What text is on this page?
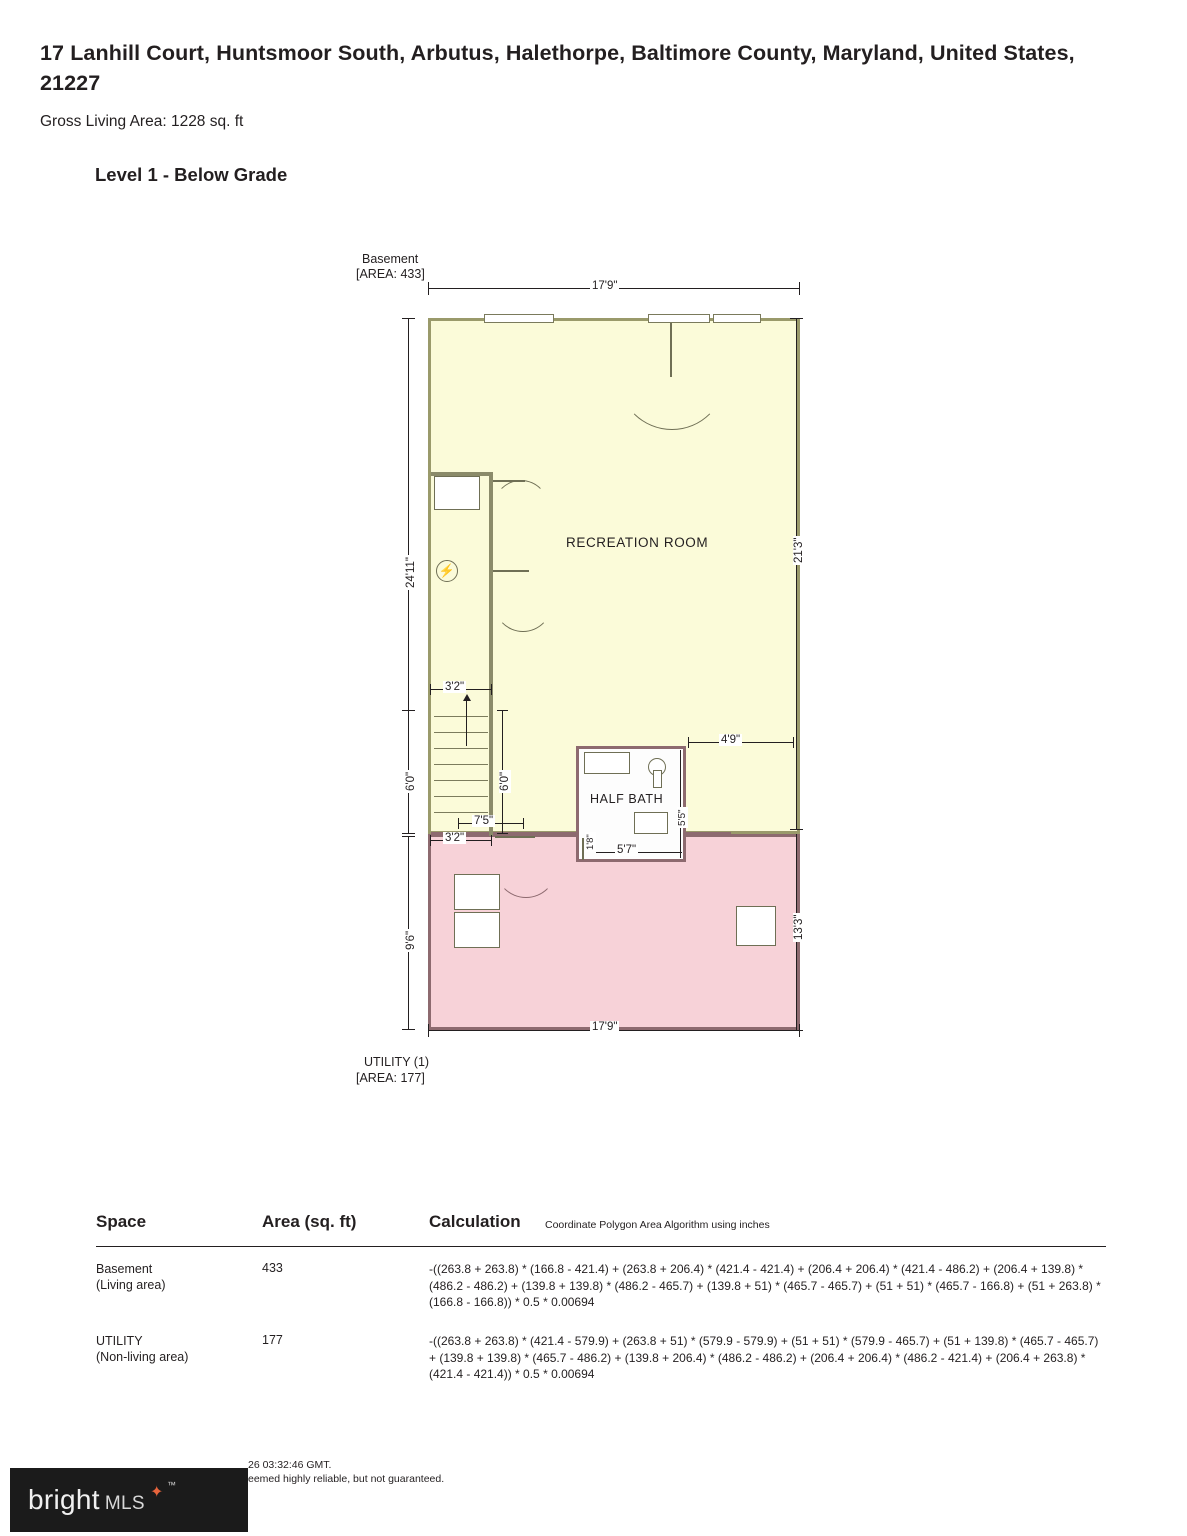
17 Lanhill Court, Huntsmoor South, Arbutus, Halethorpe, Baltimore County, Maryland, United States, 21227
Gross Living Area: 1228 sq. ft
Level 1 - Below Grade
Basement
[AREA: 433]
⚡
RECREATION ROOM
HALF BATH
17'9"
17'9"
24'11"
6'0"
9'6"
21'3"
13'3"
3'2"
3'2"
6'0"
7'5"
4'9"
5'5"
5'7"
1'8"
UTILITY (1)
[AREA: 177]
Space	Area (sq. ft)	Calculation Coordinate Polygon Area Algorithm using inches
Basement
(Living area)
433	-((263.8 + 263.8) * (166.8 - 421.4) + (263.8 + 206.4) * (421.4 - 421.4) + (206.4 + 206.4) * (421.4 - 486.2) + (206.4 + 139.8) * (486.2 - 486.2) + (139.8 + 139.8) * (486.2 - 465.7) + (139.8 + 51) * (465.7 - 465.7) + (51 + 51) * (465.7 - 166.8) + (51 + 263.8) * (166.8 - 166.8)) * 0.5 * 0.00694
UTILITY
(Non-living area)
177	-((263.8 + 263.8) * (421.4 - 579.9) + (263.8 + 51) * (579.9 - 579.9) + (51 + 51) * (579.9 - 465.7) + (51 + 139.8) * (465.7 - 465.7) + (139.8 + 139.8) * (465.7 - 486.2) + (139.8 + 206.4) * (486.2 - 486.2) + (206.4 + 206.4) * (486.2 - 421.4) + (206.4 + 263.8) * (421.4 - 421.4)) * 0.5 * 0.00694
26 03:32:46 GMT.
eemed highly reliable, but not guaranteed.
bright MLS
✦ ™
